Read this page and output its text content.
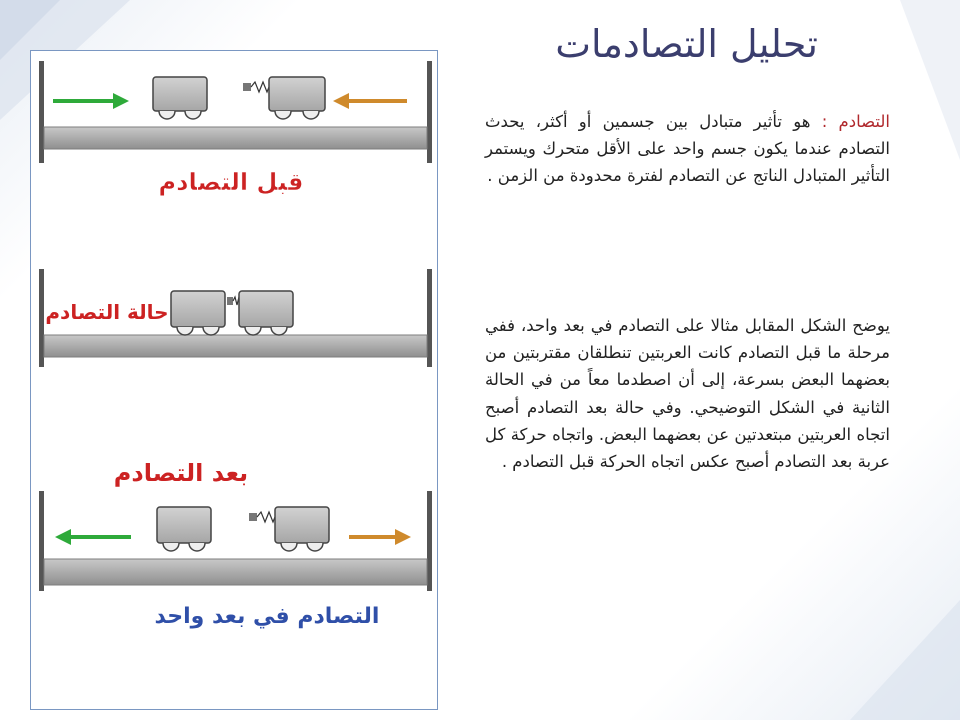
تحليل التصادمات
قبل التصادم
حالة التصادم
بعد التصادم
التصادم في بعد واحد
التصادم : هو تأثير متبادل بين جسمين أو أكثر، يحدث التصادم عندما يكون جسم واحد على الأقل متحرك ويستمر التأثير المتبادل الناتج عن التصادم لفترة محدودة من الزمن .
يوضح الشكل المقابل مثالا على التصادم في بعد واحد، ففي مرحلة ما قبل التصادم كانت العربتين تنطلقان مقتربتين من بعضهما البعض بسرعة، إلى أن اصطدما معاً من في الحالة الثانية في الشكل التوضيحي. وفي حالة بعد التصادم أصبح اتجاه العربتين مبتعدتين عن بعضهما البعض. واتجاه حركة كل عربة بعد التصادم أصبح عكس اتجاه الحركة قبل التصادم .
